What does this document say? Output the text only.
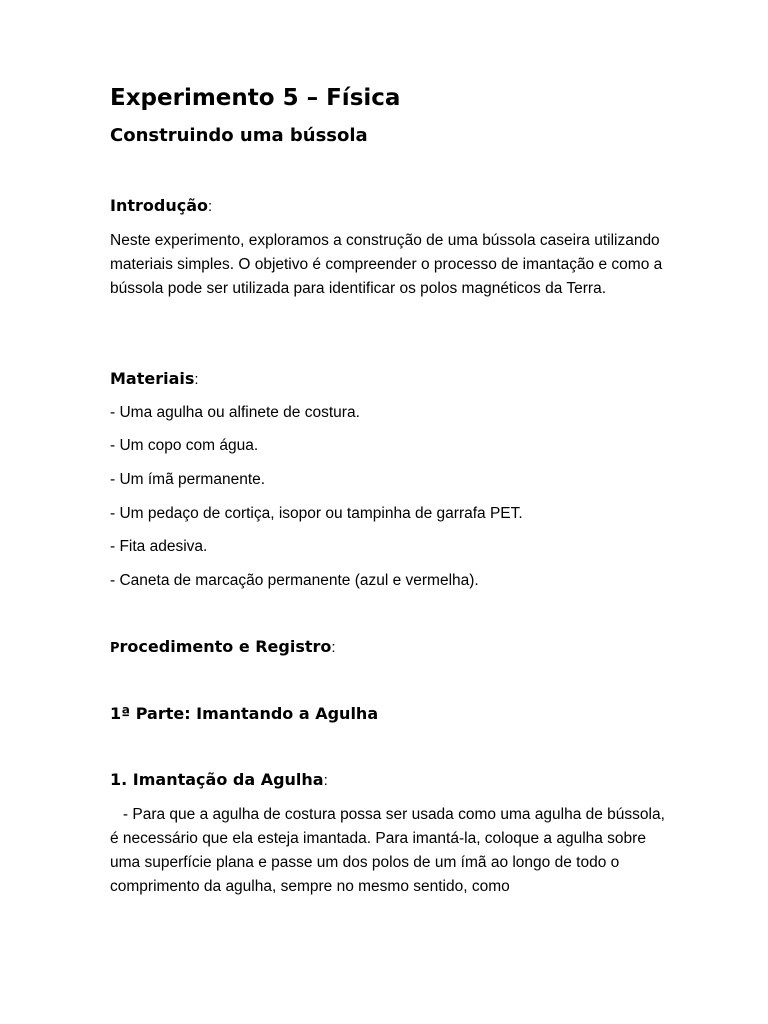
Experimento 5 – Física
Construindo uma bússola
Introdução:

Neste experimento, exploramos a construção de uma bússola caseira utilizando materiais simples. O objetivo é compreender o processo de imantação e como a bússola pode ser utilizada para identificar os polos magnéticos da Terra.

Materiais:

- Uma agulha ou alfinete de costura.

- Um copo com água.

- Um ímã permanente.

- Um pedaço de cortiça, isopor ou tampinha de garrafa PET.

- Fita adesiva.

- Caneta de marcação permanente (azul e vermelha).

Procedimento e Registro:
1ª Parte: Imantando a Agulha
1. Imantação da Agulha:

- Para que a agulha de costura possa ser usada como uma agulha de bússola, é necessário que ela esteja imantada. Para imantá-la, coloque a agulha sobre uma superfície plana e passe um dos polos de um ímã ao longo de todo o comprimento da agulha, sempre no mesmo sentido, como
